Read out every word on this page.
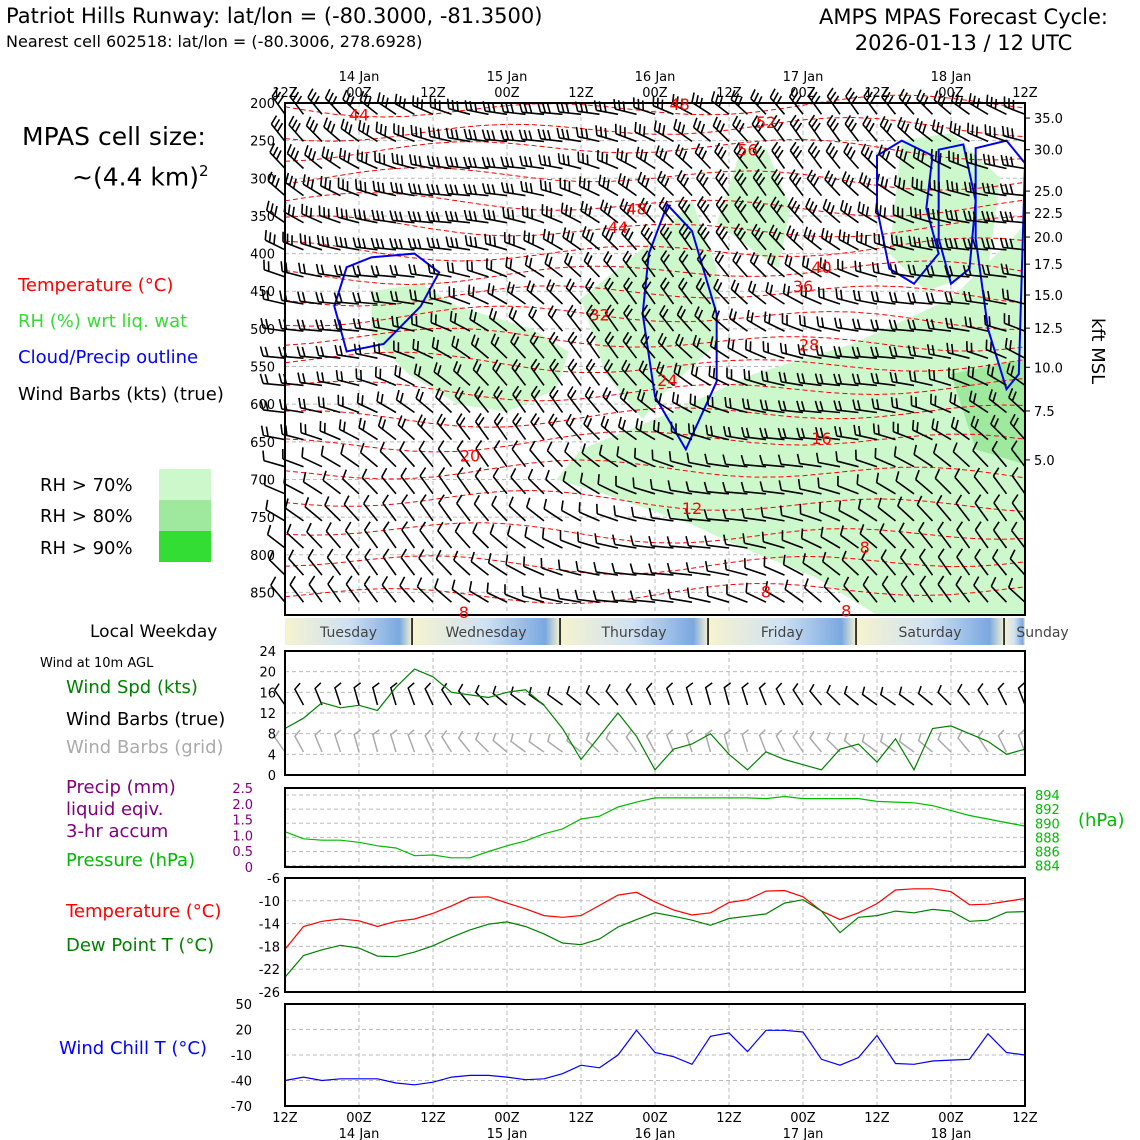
Patriot Hills Runway: lat/lon = (-80.3000, -81.3500)
Nearest cell 602518: lat/lon = (-80.3006, 278.6928)
AMPS MPAS Forecast Cycle:
2026-01-13 / 12 UTC
MPAS cell size:
~(4.4 km)$^2$
Temperature (°C)
RH (%) wrt liq. wat
Cloud/Precip outline
Wind Barbs (kts) (true)
RH > 70%
RH > 80%
RH > 90%
Local Weekday
Wind at 10m AGL
Wind Spd (kts)
Wind Barbs (true)
Wind Barbs (grid)
Precip (mm)
liquid eqiv.
3-hr accum
Pressure (hPa)
(hPa)
Temperature (°C)
Dew Point T (°C)
Wind Chill T (°C)
kft MSL
200
250
300
350
400
450
500
550
600
650
700
750
800
850
35.0
30.0
25.0
22.5
20.0
17.5
15.0
12.5
10.0
7.5
5.0
44	52
56
48
48
44
40
36
32
28
24
20
16
12
8
8
8	8
12Z
12Z
00Z
00Z
12Z
12Z
00Z
00Z
12Z
12Z
00Z
00Z
12Z
12Z
00Z
00Z
12Z
12Z
00Z
00Z
12Z
12Z
14 Jan
14 Jan
15 Jan
15 Jan
16 Jan
16 Jan
17 Jan
17 Jan
18 Jan
18 Jan
Tuesday	Wednesday	Thursday	Friday	Saturday	Sunday
0
4
8
12
16
20
24
884
886
888
890
892
894
0
0.5
1.0
1.5
2.0
2.5
-26
-22
-18
-14
-10
-6
-70
-40
-10
20
50
